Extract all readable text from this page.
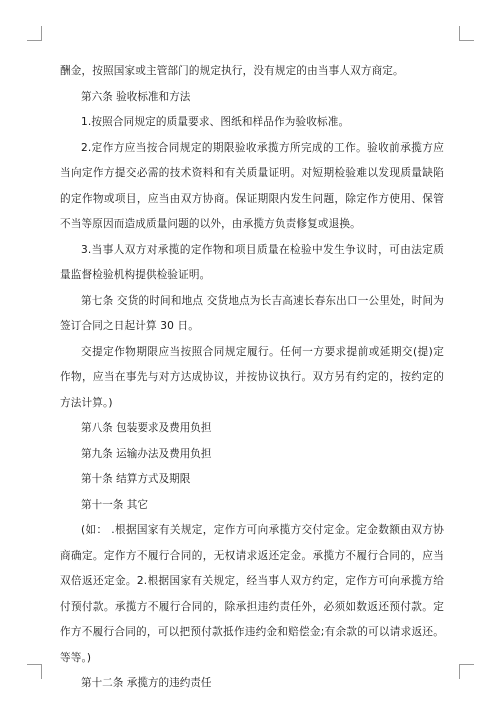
酬金，按照国家或主管部门的规定执行，没有规定的由当事人双方商定。

第六条 验收标准和方法

1.按照合同规定的质量要求、图纸和样品作为验收标准。

2.定作方应当按合同规定的期限验收承揽方所完成的工作。验收前承揽方应当向定作方提交必需的技术资料和有关质量证明。对短期检验难以发现质量缺陷的定作物或项目，应当由双方协商。保证期限内发生问题，除定作方使用、保管不当等原因而造成质量问题的以外，由承揽方负责修复或退换。

3.当事人双方对承揽的定作物和项目质量在检验中发生争议时，可由法定质量监督检验机构提供检验证明。

第七条 交货的时间和地点 交货地点为长吉高速长春东出口一公里处，时间为签订合同之日起计算 30 日。

交提定作物期限应当按照合同规定履行。任何一方要求提前或延期交(提)定作物，应当在事先与对方达成协议，并按协议执行。双方另有约定的，按约定的方法计算。)

第八条 包装要求及费用负担

第九条 运输办法及费用负担

第十条 结算方式及期限

第十一条 其它

(如： .根据国家有关规定，定作方可向承揽方交付定金。定金数额由双方协商确定。定作方不履行合同的，无权请求返还定金。承揽方不履行合同的，应当双倍返还定金。2.根据国家有关规定，经当事人双方约定，定作方可向承揽方给付预付款。承揽方不履行合同的，除承担违约责任外，必须如数返还预付款。定作方不履行合同的，可以把预付款抵作违约金和赔偿金;有余款的可以请求返还。等等。)

第十二条 承揽方的违约责任
